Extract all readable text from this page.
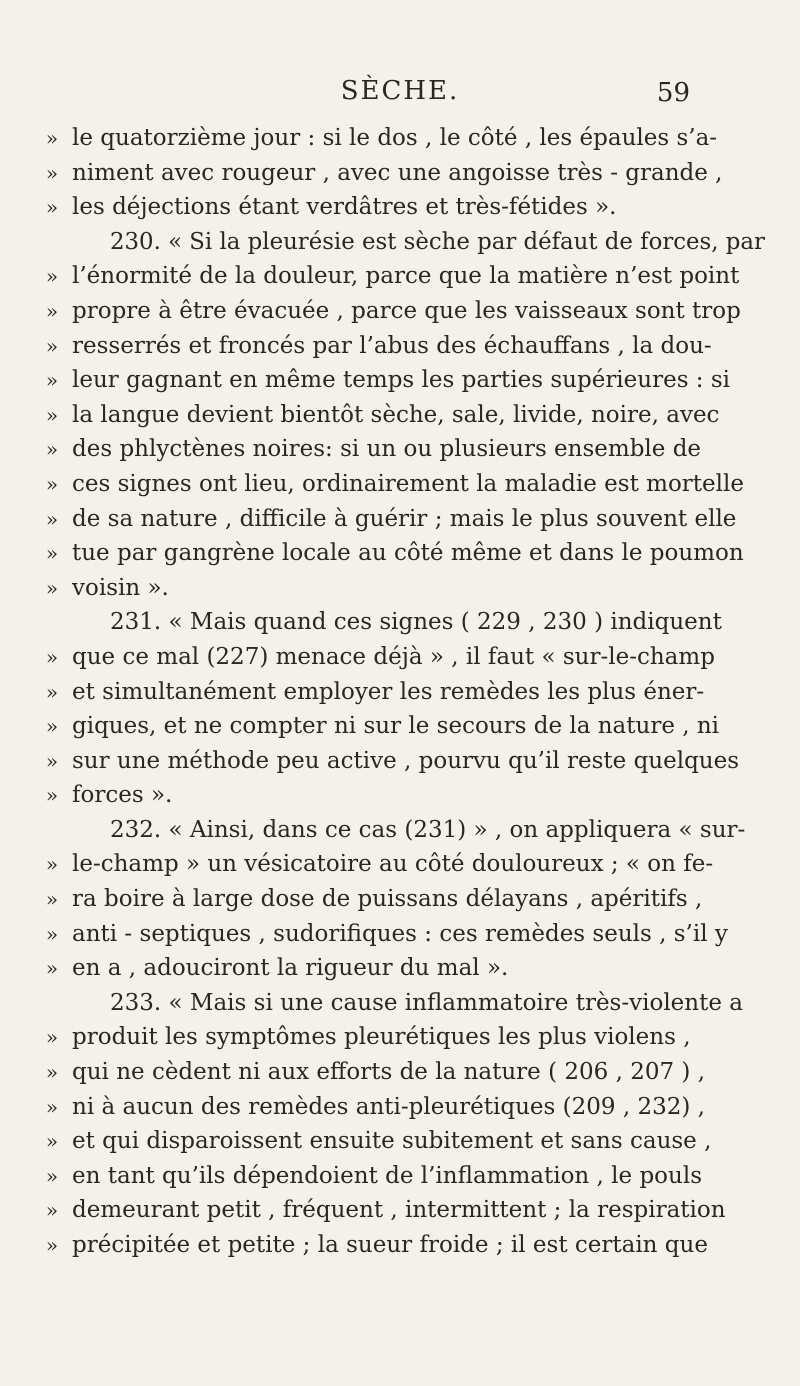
SÈCHE.	59
» le quatorzième jour : si le dos , le côté , les épaules s’a-
» niment avec rougeur , avec une angoisse très - grande ,
» les déjections étant verdâtres et très-fétides ».
230. « Si la pleurésie est sèche par défaut de forces, par
» l’énormité de la douleur, parce que la matière n’est point
» propre à être évacuée , parce que les vaisseaux sont trop
» resserrés et froncés par l’abus des échauffans , la dou-
» leur gagnant en même temps les parties supérieures : si
» la langue devient bientôt sèche, sale, livide, noire, avec
» des phlyctènes noires: si un ou plusieurs ensemble de
» ces signes ont lieu, ordinairement la maladie est mortelle
» de sa nature , difficile à guérir ; mais le plus souvent elle
» tue par gangrène locale au côté même et dans le poumon
» voisin ».
231. « Mais quand ces signes ( 229 , 230 ) indiquent
» que ce mal (227) menace déjà » , il faut « sur-le-champ
» et simultanément employer les remèdes les plus éner-
» giques, et ne compter ni sur le secours de la nature , ni
» sur une méthode peu active , pourvu qu’il reste quelques
» forces ».
232. « Ainsi, dans ce cas (231) » , on appliquera « sur-
» le-champ » un vésicatoire au côté douloureux ; « on fe-
» ra boire à large dose de puissans délayans , apéritifs ,
» anti - septiques , sudorifiques : ces remèdes seuls , s’il y
» en a , adouciront la rigueur du mal ».
233. « Mais si une cause inflammatoire très-violente a
» produit les symptômes pleurétiques les plus violens ,
» qui ne cèdent ni aux efforts de la nature ( 206 , 207 ) ,
» ni à aucun des remèdes anti-pleurétiques (209 , 232) ,
» et qui disparoissent ensuite subitement et sans cause ,
» en tant qu’ils dépendoient de l’inflammation , le pouls
» demeurant petit , fréquent , intermittent ; la respiration
» précipitée et petite ; la sueur froide ; il est certain que
